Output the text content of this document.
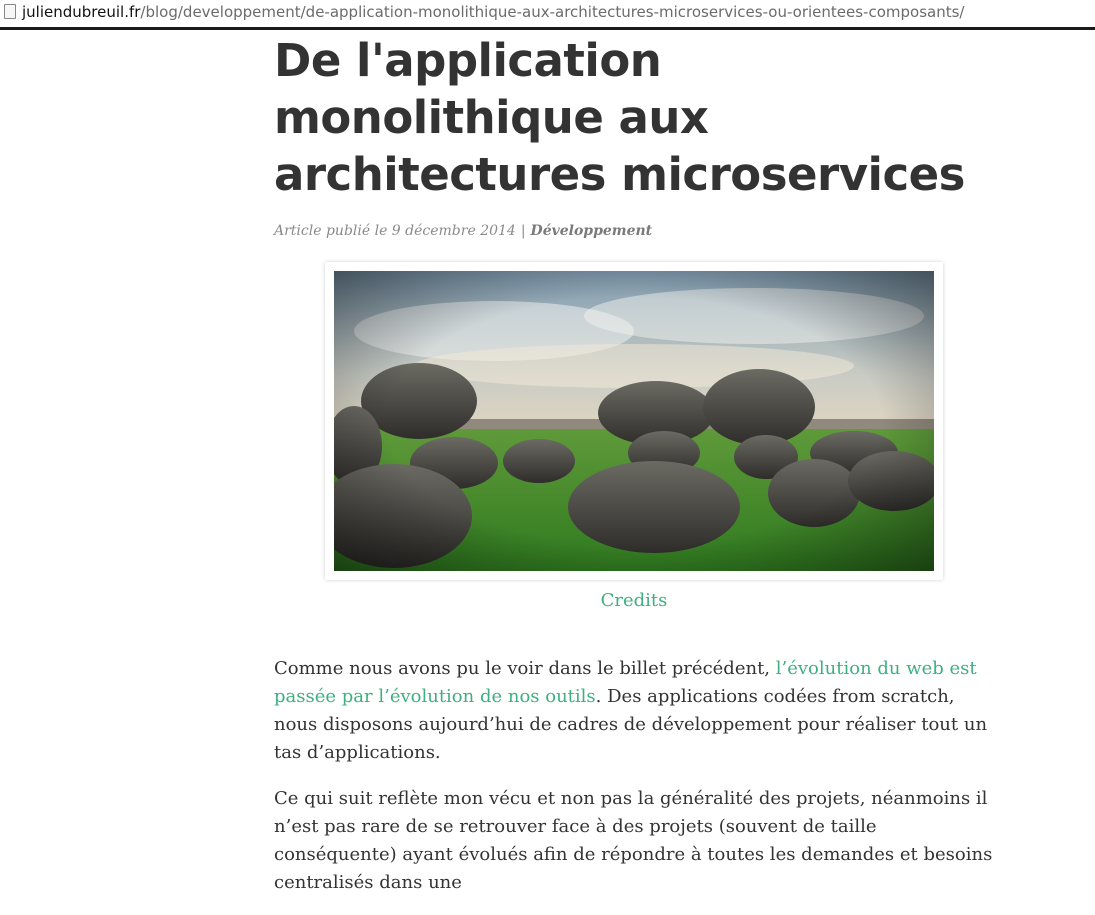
juliendubreuil.fr/blog/developpement/de-application-monolithique-aux-architectures-microservices-ou-orientees-composants/
De l'application monolithique aux architectures microservices
Article publié le 9 décembre 2014 | Développement
Credits

Comme nous avons pu le voir dans le billet précédent, l’évolution du web est passée par l’évolution de nos outils. Des applications codées from scratch, nous disposons aujourd’hui de cadres de développement pour réaliser tout un tas d’applications.

Ce qui suit reflète mon vécu et non pas la généralité des projets, néanmoins il n’est pas rare de se retrouver face à des projets (souvent de taille conséquente) ayant évolués afin de répondre à toutes les demandes et besoins centralisés dans une
